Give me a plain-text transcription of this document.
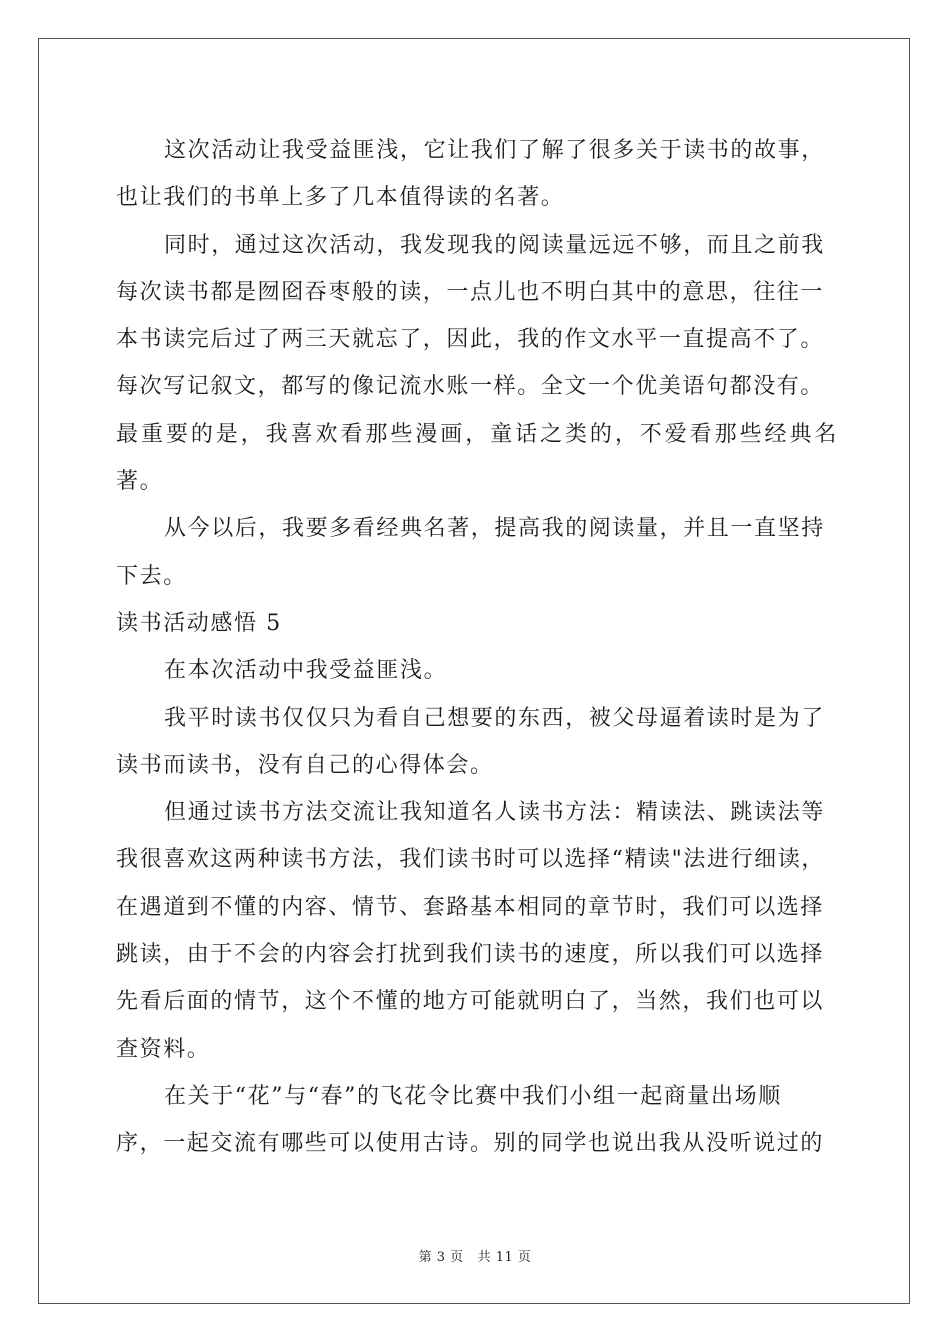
这次活动让我受益匪浅，它让我们了解了很多关于读书的故事，
也让我们的书单上多了几本值得读的名著。

同时，通过这次活动，我发现我的阅读量远远不够，而且之前我
每次读书都是囫囵吞枣般的读，一点儿也不明白其中的意思，往往一
本书读完后过了两三天就忘了，因此，我的作文水平一直提高不了。
每次写记叙文，都写的像记流水账一样。全文一个优美语句都没有。
最重要的是，我喜欢看那些漫画，童话之类的，不爱看那些经典名著。

从今以后，我要多看经典名著，提高我的阅读量，并且一直坚持
下去。

读书活动感悟 5

在本次活动中我受益匪浅。

我平时读书仅仅只为看自己想要的东西，被父母逼着读时是为了
读书而读书，没有自己的心得体会。

但通过读书方法交流让我知道名人读书方法：精读法、跳读法等
我很喜欢这两种读书方法，我们读书时可以选择“精读"法进行细读，
在遇道到不懂的内容、情节、套路基本相同的章节时，我们可以选择
跳读，由于不会的内容会打扰到我们读书的速度，所以我们可以选择
先看后面的情节，这个不懂的地方可能就明白了，当然，我们也可以
查资料。

在关于“花”与“春”的飞花令比赛中我们小组一起商量出场顺
序，一起交流有哪些可以使用古诗。别的同学也说出我从没听说过的

第 3 页 共 11 页
